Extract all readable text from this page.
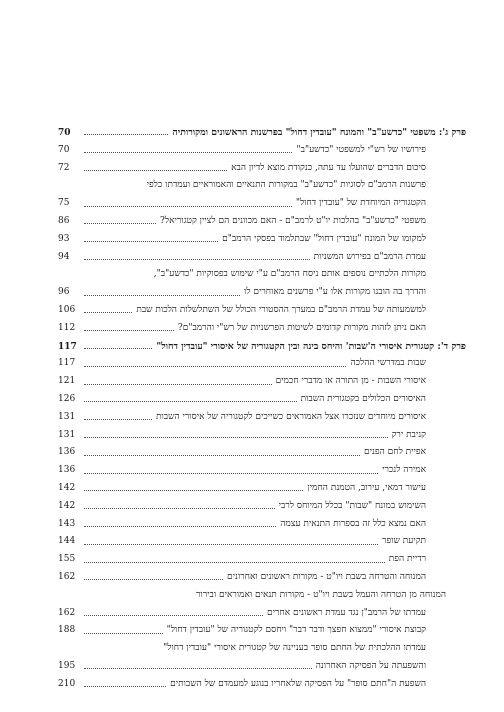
פרק ג': משפטי "כדשע"ב" והמונח "עובדין דחול" בפרשנות הראשונים ומקורותיה
70
פירושיו של רש"י למשפטי "כדשע"ב"
70
סיכום הדברים שהועלו עד עתה, כנקודת מוצא לדיון הבא
72
פרשנות הרמב"ם לסוגיות "כדשע"ב" במקורות התנאיים והאמוראיים ועמדתו כלפי
הקטגוריה המיוחדת של "עובדין דחול"
75
משפטי "כדשע"ב" בהלכות יו"ט לרמב"ם - האם מכוונים הם לציין קטגוריאל?
86
למקומו של המונח "עובדין דחול" שבתלמוד בפסקי הרמב"ם
93
עמדת הרמב"ם בפירוש המשניות
94
מקורות הלכתיים נוספים אותם ניסח הרמב"ם ע"י שימוש בפסוקיות "כדשע"ב",
והדרך בה הובנו מקורות אלו ע"י פרשנים מאוחרים לו
96
למשמעותה של עמדת הרמב"ם במערך ההסטורי הכולל של השתלשלות הלכות שבת
106
האם ניתן לזהות מקורות קדומים לשיטות הפרשניות של רש"י והרמב"ם?
112
פרק ד': קטגורית איסורי ה'שבות' והיחס בינה ובין הקטגוריה של איסורי "עובדין דחול"
117
שבות במדרשי ההלכה
117
איסורי השבות - מן התורה או מדברי חכמים
121
האיסורים הכלולים בקטגורית השבות
126
איסורים מיוחדים שנזכרו אצל האמוראים כשייכים לקטגוריה של איסורי השבות
131
קניבת ירק
131
אפיית לחם הפנים
136
אמירה לנכרי
136
עישור דמאי, עירוב, הטמנת החמין
142
השימוש במונח "שבות" בכלל המיוחס לרבי
142
האם נמצא כלל זה בספרות התנאית עצמה
143
תקיעת שופר
144
רדיית הפת
155
המנוחה והטרחה בשבת ויו"ט - מקורות ראשונים ואחרונים
162
המנוחה מן הטרחה והעמל בשבת ויו"ט - מקורות תנאים ואמוראים ובירור
עמדתו של הרמב"ן נגד עמדת ראשונים אחרים
162
קבוצת איסורי "ממצוא חפצך ודבר דבר" ויחסם לקטגוריה של "עובדין דחול"
188
עמדתו ההלכתית של החתם סופר בעניינה של קטגורית איסורי "עובדין דחול"
והשפעתה על הפסיקה האחרונה
195
השפעת ה"חתם סופר" על הפסיקה שלאחריו בנוגע למעמדם של השבותים
210
